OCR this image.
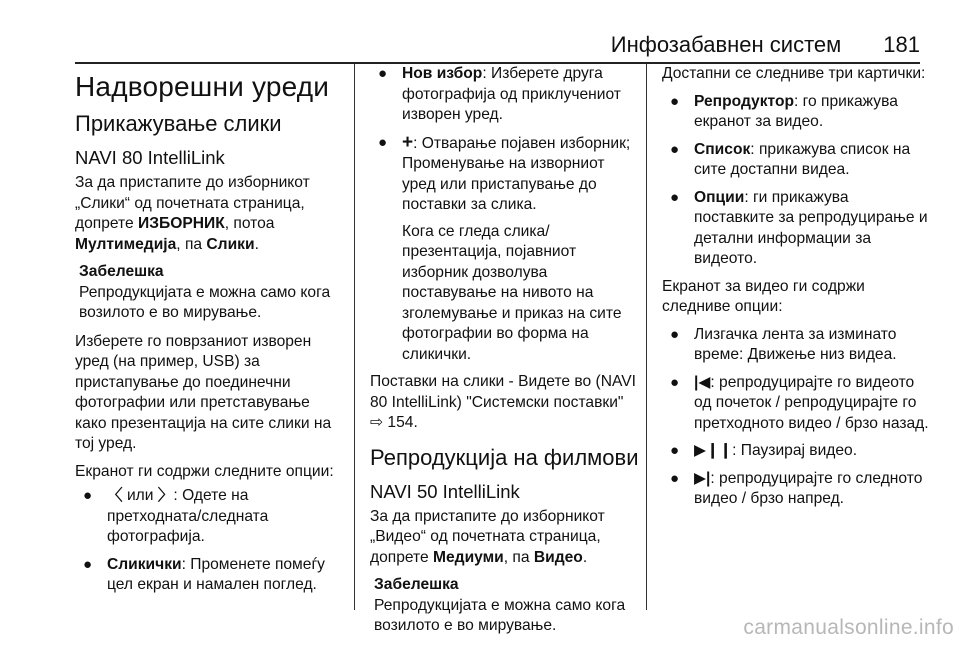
Инфозабавнен систем 181
Надворешни уреди
Прикажување слики
NAVI 80 IntelliLink

За да пристапите до изборникот „Слики“ од почетната страница, допрете ИЗБОРНИК, потоа Мултимедија, па Слики.

Забелешка
Репродукцијата е можна само кога возилото е во мирување.

Изберете го поврзаниот изворен уред (на пример, USB) за пристапување до поединечни фотографии или претставување како презентација на сите слики на тој уред.

Екранот ги содржи следните опции:

● 〈 или 〉: Одете на претходната/следната фотографија.
● Сликички: Променете помеѓу цел екран и намален поглед.
● Нов избор: Изберете друга фотографија од приклучениот изворен уред.
● +: Отварање појавен изборник; Променување на изворниот уред или пристапување до поставки за слика.
Кога се гледа слика/презентација, појавниот изборник дозволува поставување на нивото на зголемување и приказ на сите фотографии во форма на сликички.

Поставки на слики - Видете во (NAVI 80 IntelliLink) "Системски поставки" ⇨ 154.

Репродукција на филмови
NAVI 50 IntelliLink

За да пристапите до изборникот „Видео“ од почетната страница, допрете Медиуми, па Видео.

Забелешка
Репродукцијата е можна само кога возилото е во мирување.

Достапни се следниве три картички:

● Репродуктор: го прикажува екранот за видео.
● Список: прикажува список на сите достапни видеа.
● Опции: ги прикажува поставките за репродуцирање и детални информации за видеото.

Екранот за видео ги содржи следниве опции:

● Лизгачка лента за изминато време: Движење низ видеа.
● |◀: репродуцирајте го видеото од почеток / репродуцирајте го претходното видео / брзо назад.
● ▶❙❙: Паузирај видео.
● ▶|: репродуцирајте го следното видео / брзо напред.
carmanualsonline.info
